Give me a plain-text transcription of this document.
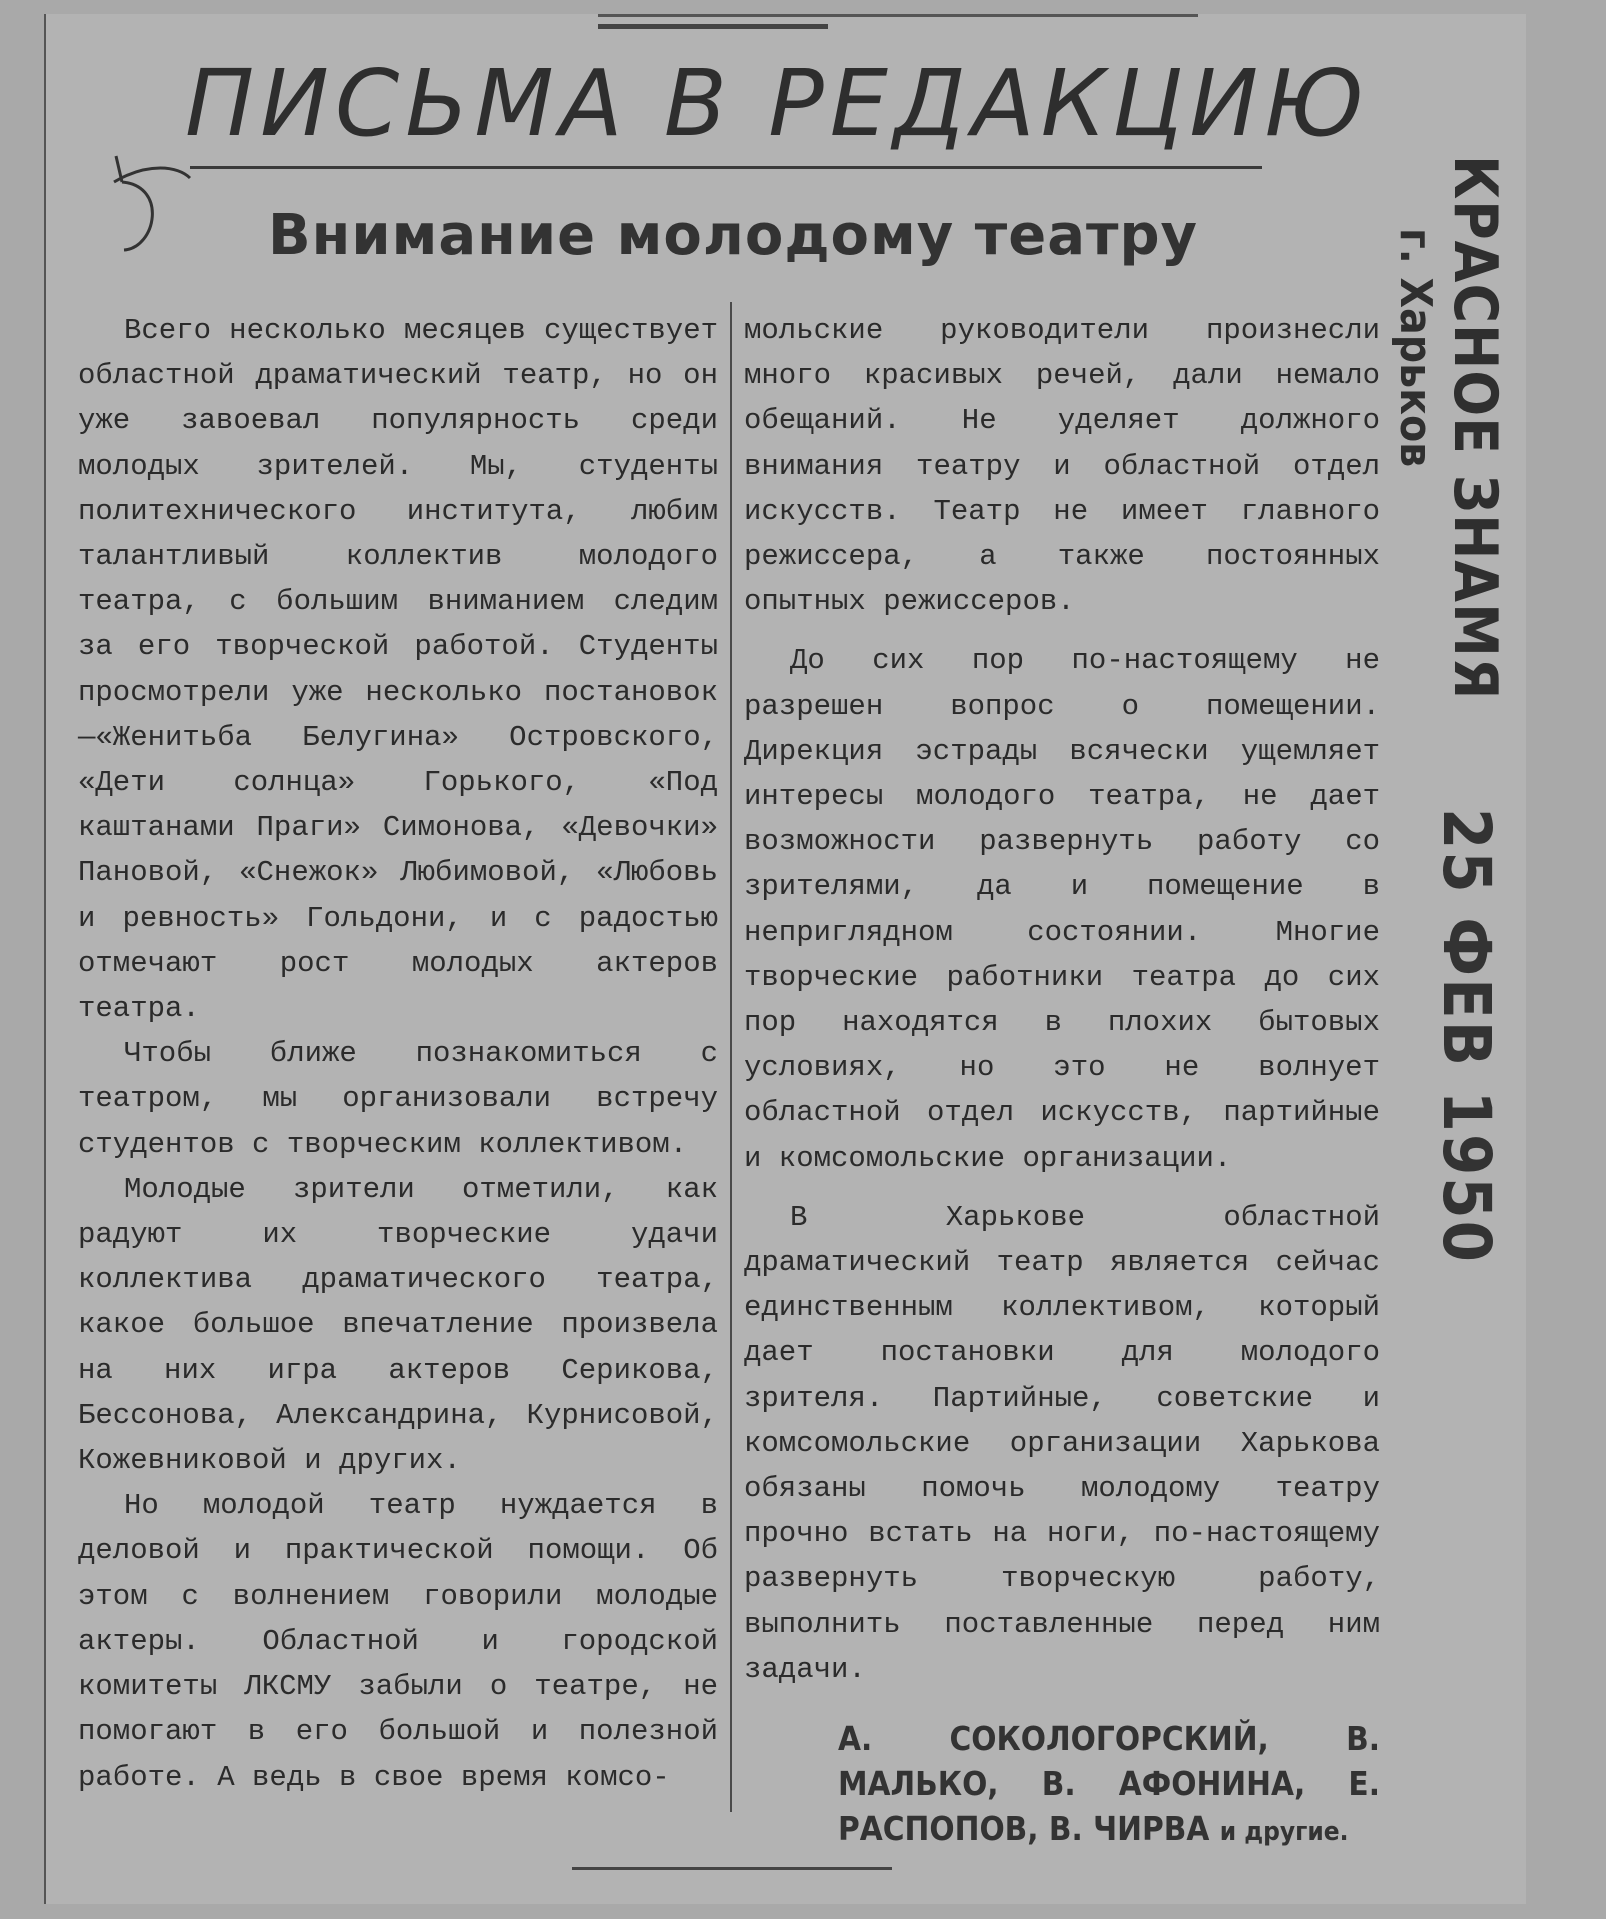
ПИСЬМА В РЕДАКЦИЮ
Внимание молодому театру

Всего несколько месяцев существует областной драматический театр, но он уже завоевал популярность среди молодых зрителей. Мы, студенты политехнического института, любим талантливый коллектив молодого театра, с большим вниманием следим за его творческой работой. Студенты просмотрели уже несколько постановок—«Женитьба Белугина» Островского, «Дети солнца» Горького, «Под каштанами Праги» Симонова, «Девочки» Пановой, «Снежок» Любимовой, «Любовь и ревность» Гольдони, и с радостью отмечают рост молодых актеров театра.

Чтобы ближе познакомиться с театром, мы организовали встречу студентов с творческим коллективом.

Молодые зрители отметили, как радуют их творческие удачи коллектива драматического театра, какое большое впечатление произвела на них игра актеров Серикова, Бессонова, Александрина, Курнисовой, Кожевниковой и других.

Но молодой театр нуждается в деловой и практической помощи. Об этом с волнением говорили молодые актеры. Областной и городской комитеты ЛКСМУ забыли о театре, не помогают в его большой и полезной работе. А ведь в свое время комсо-

мольские руководители произнесли много красивых речей, дали немало обещаний. Не уделяет должного внимания театру и областной отдел искусств. Театр не имеет главного режиссера, а также постоянных опытных режиссеров.

До сих пор по-настоящему не разрешен вопрос о помещении. Дирекция эстрады всячески ущемляет интересы молодого театра, не дает возможности развернуть работу со зрителями, да и помещение в неприглядном состоянии. Многие творческие работники театра до сих пор находятся в плохих бытовых условиях, но это не волнует областной отдел искусств, партийные и комсомольские организации.

В Харькове областной драматический театр является сейчас единственным коллективом, который дает постановки для молодого зрителя. Партийные, советские и комсомольские организации Харькова обязаны помочь молодому театру прочно встать на ноги, по-настоящему развернуть творческую работу, выполнить поставленные перед ним задачи.

А. СОКОЛОГОРСКИЙ, В. МАЛЬКО, В. АФОНИНА, Е. РАСПОПОВ, В. ЧИРВА и другие.
КРАСНОЕ ЗНАМЯ
г. Харьков
25 ФЕВ 1950
